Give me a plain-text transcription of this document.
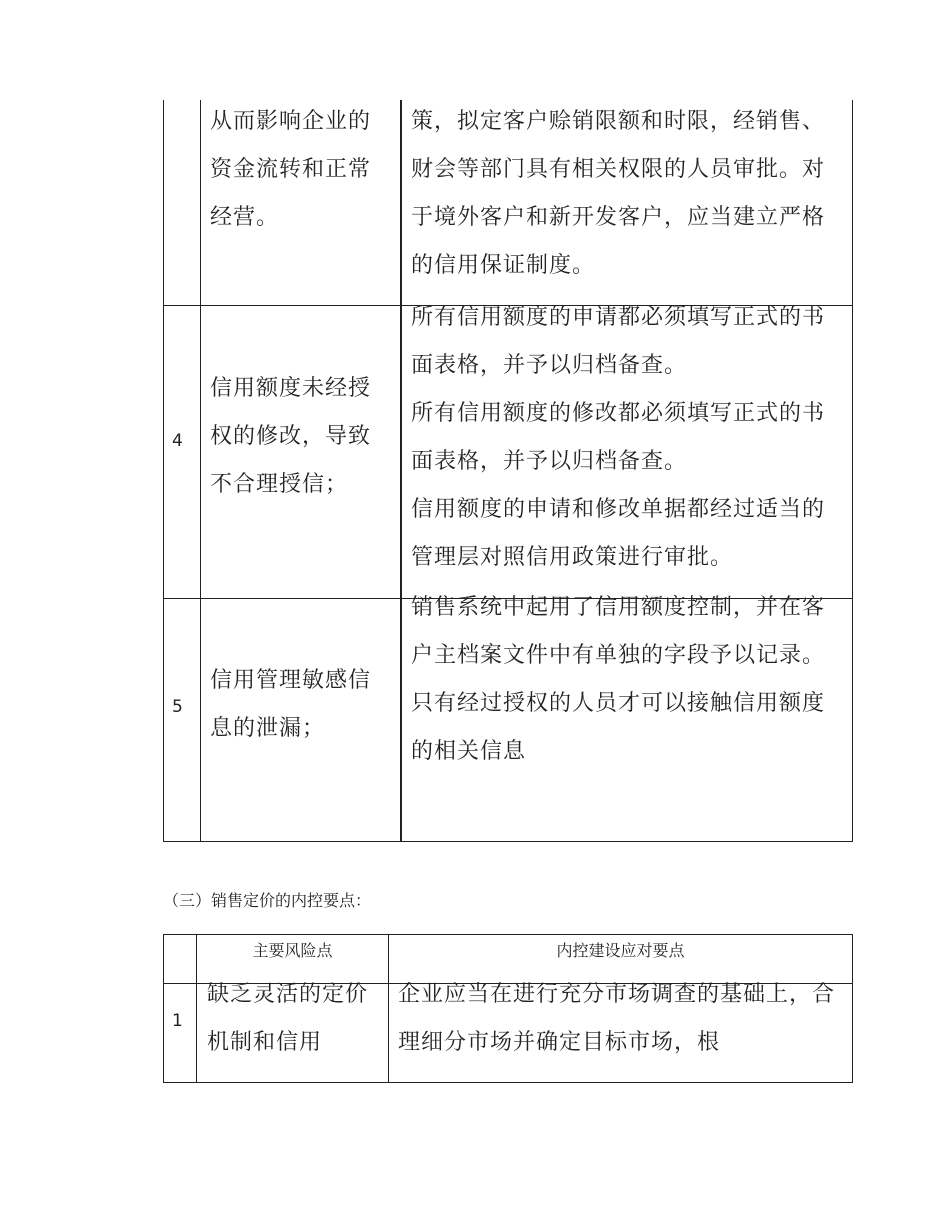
从而影响企业的资金流转和正常经营。
策，拟定客户赊销限额和时限，经销售、财会等部门具有相关权限的人员审批。对于境外客户和新开发客户，应当建立严格的信用保证制度。
4
信用额度未经授权的修改，导致不合理授信；
所有信用额度的申请都必须填写正式的书面表格，并予以归档备查。
所有信用额度的修改都必须填写正式的书面表格，并予以归档备查。
信用额度的申请和修改单据都经过适当的管理层对照信用政策进行审批。
5
信用管理敏感信息的泄漏；
销售系统中起用了信用额度控制，并在客户主档案文件中有单独的字段予以记录。
只有经过授权的人员才可以接触信用额度的相关信息
（三）销售定价的内控要点：
主要风险点	内控建设应对要点
1
缺乏灵活的定价机制和信用
企业应当在进行充分市场调查的基础上，合理细分市场并确定目标市场，根
